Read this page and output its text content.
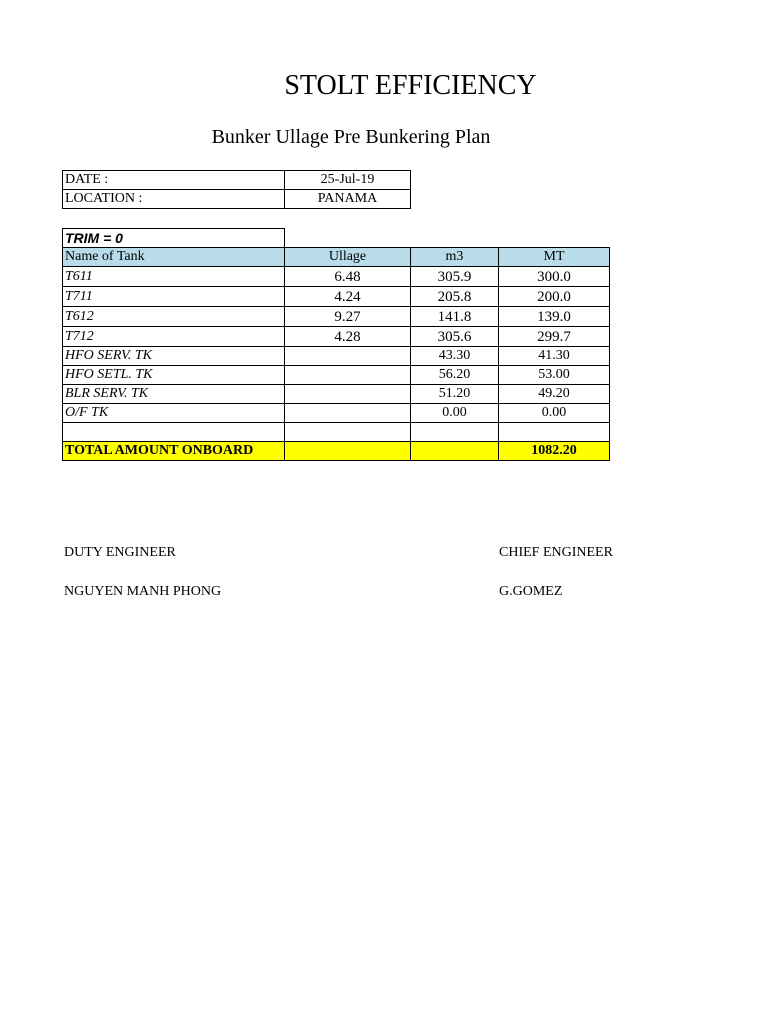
STOLT EFFICIENCY
Bunker Ullage Pre Bunkering Plan
DATE :	25-Jul-19
LOCATION :	PANAMA
TRIM = 0			
Name of Tank	Ullage	m3	MT
T611	6.48	305.9	300.0
T711	4.24	205.8	200.0
T612	9.27	141.8	139.0
T712	4.28	305.6	299.7
HFO SERV. TK		43.30	41.30
HFO SETL. TK		56.20	53.00
BLR SERV. TK		51.20	49.20
O/F TK		0.00	0.00

TOTAL AMOUNT ONBOARD			1082.20
DUTY ENGINEER
NGUYEN MANH PHONG
CHIEF ENGINEER
G.GOMEZ
